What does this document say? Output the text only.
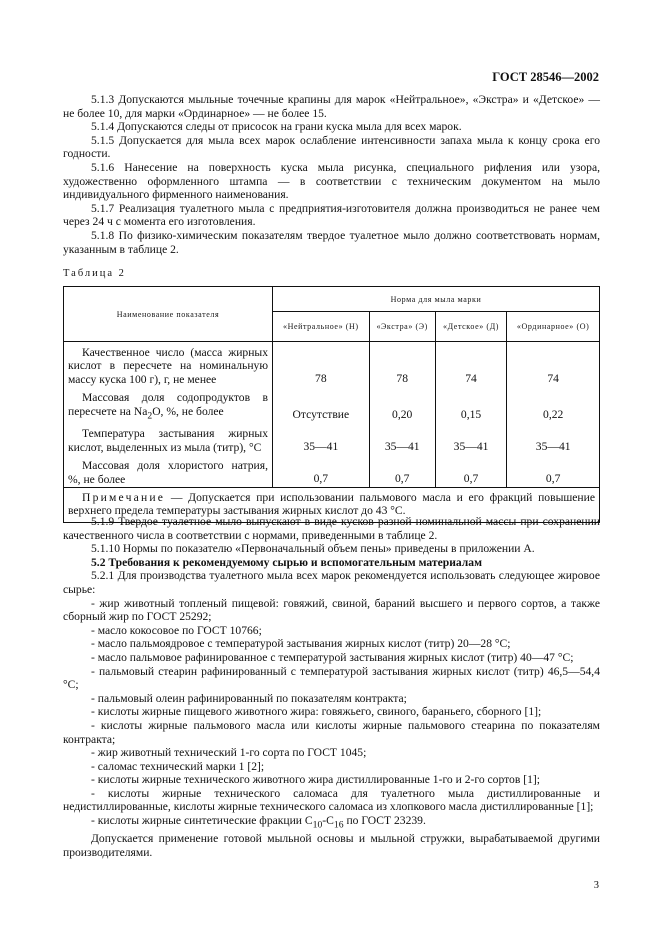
ГОСТ 28546—2002

5.1.3 Допускаются мыльные точечные крапины для марок «Нейтральное», «Экстра» и «Детское» — не более 10, для марки «Ординарное» — не более 15.

5.1.4 Допускаются следы от присосок на грани куска мыла для всех марок.

5.1.5 Допускается для мыла всех марок ослабление интенсивности запаха мыла к концу срока его годности.

5.1.6 Нанесение на поверхность куска мыла рисунка, специального рифления или узора, художественно оформленного штампа — в соответствии с техническим документом на мыло индивидуального фирменного наименования.

5.1.7 Реализация туалетного мыла с предприятия-изготовителя должна производиться не ранее чем через 24 ч с момента его изготовления.

5.1.8 По физико-химическим показателям твердое туалетное мыло должно соответствовать нормам, указанным в таблице 2.

Таблица 2
Наименование показателя	Норма для мыла марки			
	«Нейтральное» (Н)	«Экстра» (Э)	«Детское» (Д)	«Ординарное» (О)
Качественное число (масса жирных кислот в пересчете на номинальную массу куска 100 г), г, не менее	78	78	74	74
Массовая доля содопродуктов в пересчете на $Na_2O$, %, не более	Отсутствие	0,20	0,15	0,22
Температура застывания жирных кислот, выделенных из мыла (титр), °С	35—41	35—41	35—41	35—41
Массовая доля хлористого натрия, %, не более	0,7	0,7	0,7	0,7
Примечание — Допускается при использовании пальмового масла и его фракций повышение верхнего предела температуры застывания жирных кислот до 43 °С.				

5.1.9 Твердое туалетное мыло выпускают в виде кусков разной номинальной массы при сохранении качественного числа в соответствии с нормами, приведенными в таблице 2.

5.1.10 Нормы по показателю «Первоначальный объем пены» приведены в приложении А.

5.2 Требования к рекомендуемому сырью и вспомогательным материалам

5.2.1 Для производства туалетного мыла всех марок рекомендуется использовать следующее жировое сырье:

- жир животный топленый пищевой: говяжий, свиной, бараний высшего и первого сортов, а также сборный жир по ГОСТ 25292;

- масло кокосовое по ГОСТ 10766;

- масло пальмоядровое с температурой застывания жирных кислот (титр) 20—28 °С;

- масло пальмовое рафинированное с температурой застывания жирных кислот (титр) 40—47 °С;

- пальмовый стеарин рафинированный с температурой застывания жирных кислот (титр) 46,5—54,4 °С;

- пальмовый олеин рафинированный по показателям контракта;

- кислоты жирные пищевого животного жира: говяжьего, свиного, бараньего, сборного [1];

- кислоты жирные пальмового масла или кислоты жирные пальмового стеарина по показателям контракта;

- жир животный технический 1-го сорта по ГОСТ 1045;

- саломас технический марки 1 [2];

- кислоты жирные технического животного жира дистиллированные 1-го и 2-го сортов [1];

- кислоты жирные технического саломаса для туалетного мыла дистиллированные и недистиллированные, кислоты жирные технического саломаса из хлопкового масла дистиллированные [1];

- кислоты жирные синтетические фракции $С_{10}-С_{16}$ по ГОСТ 23239.

Допускается применение готовой мыльной основы и мыльной стружки, вырабатываемой другими производителями.

3
